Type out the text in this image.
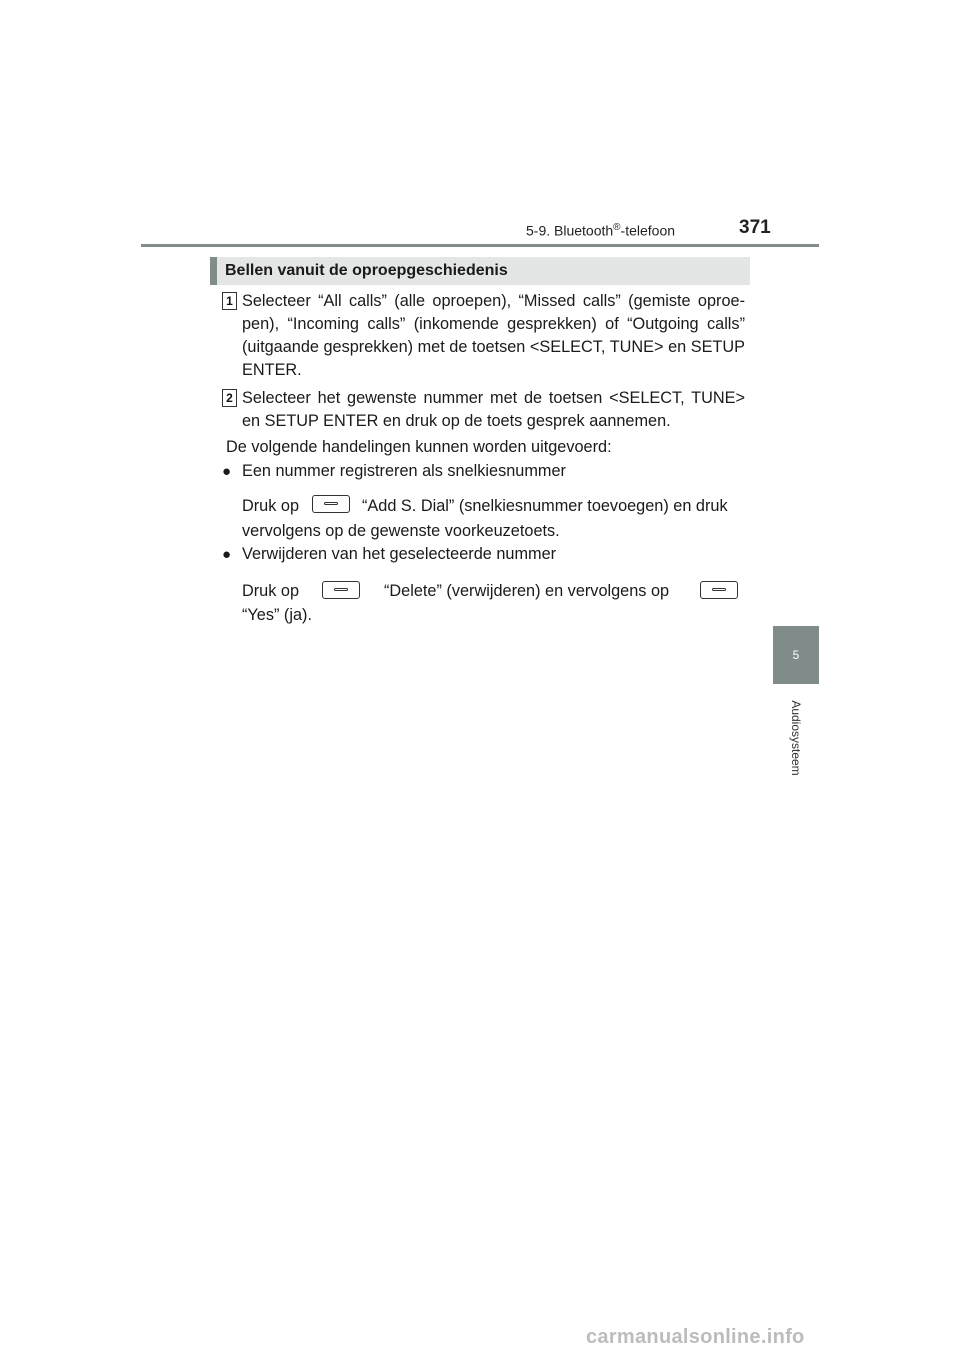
5-9. Bluetooth®-telefoon	371
5
Audiosysteem
Bellen vanuit de oproepgeschiedenis
1 Selecteer “All calls” (alle oproepen), “Missed calls” (gemiste oproe-pen), “Incoming calls” (inkomende gesprekken) of “Outgoing calls” (uitgaande gesprekken) met de toetsen <SELECT, TUNE> en SETUP ENTER.
2 Selecteer het gewenste nummer met de toetsen <SELECT, TUNE> en SETUP ENTER en druk op de toets gesprek aannemen.
De volgende handelingen kunnen worden uitgevoerd:
● Een nummer registreren als snelkiesnummer
Druk op	“Add S. Dial” (snelkiesnummer toevoegen) en druk
vervolgens op de gewenste voorkeuzetoets.
● Verwijderen van het geselecteerde nummer
Druk op	“Delete” (verwijderen) en vervolgens op
“Yes” (ja).
carmanualsonline.info
